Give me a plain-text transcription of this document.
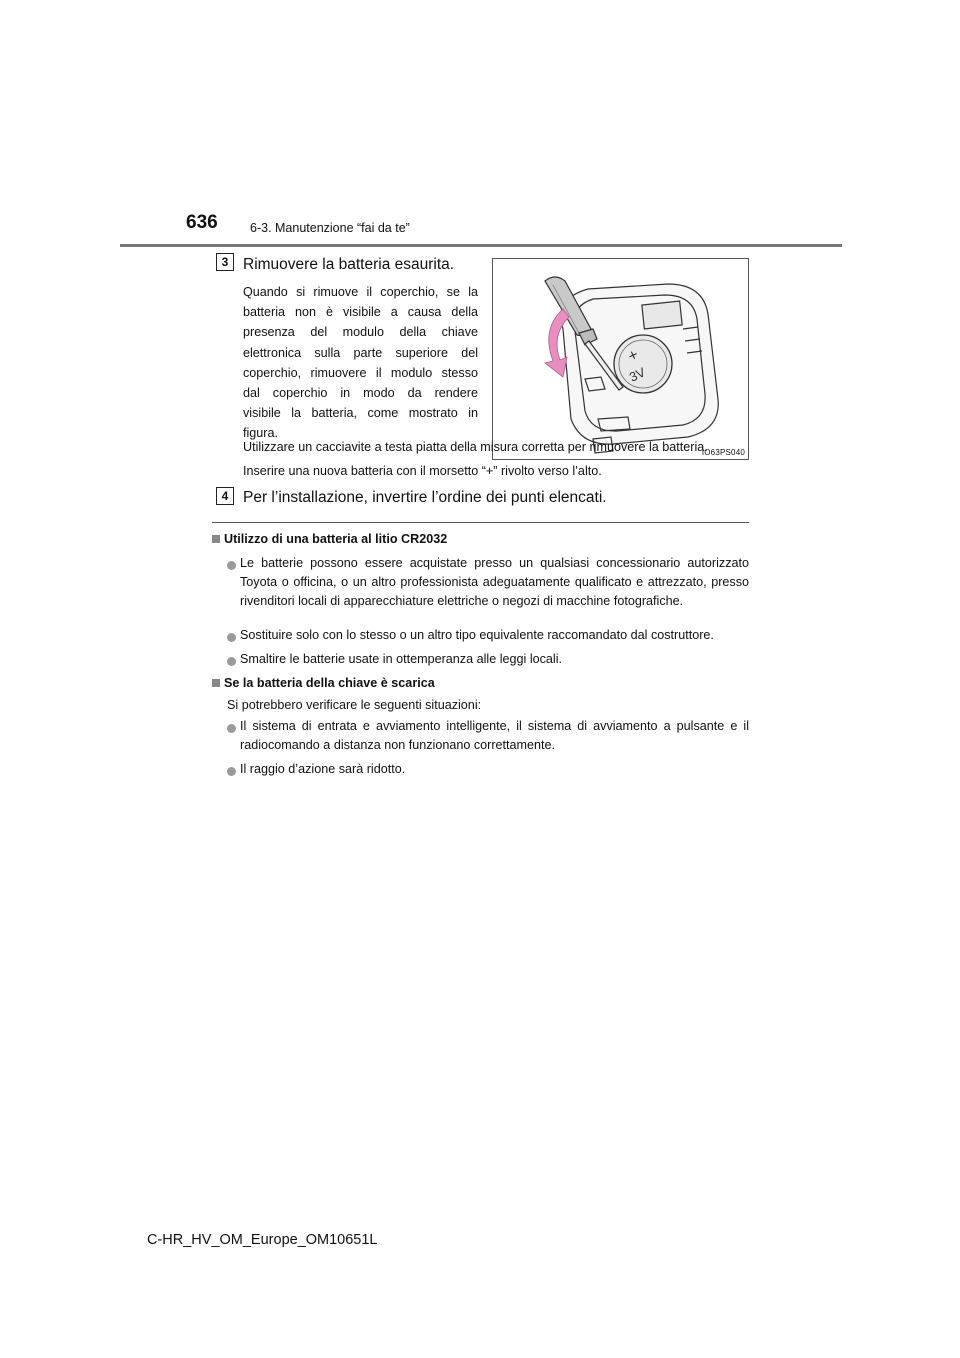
636	6-3. Manutenzione “fai da te”
3 Rimuovere la batteria esaurita.
Quando si rimuove il coperchio, se la
batteria non è visibile a causa della
presenza del modulo della chiave
elettronica sulla parte superiore del
coperchio, rimuovere il modulo stesso
dal coperchio in modo da rendere
visibile la batteria, come mostrato in
figura.
+
3V
IO63PS040
Utilizzare un cacciavite a testa piatta della misura corretta per rimuovere la batteria.
Inserire una nuova batteria con il morsetto “+” rivolto verso l’alto.
4 Per l’installazione, invertire l’ordine dei punti elencati.
Utilizzo di una batteria al litio CR2032
Le batterie possono essere acquistate presso un qualsiasi concessionario autorizzato Toyota o officina, o un altro professionista adeguatamente qualificato e attrezzato, presso rivenditori locali di apparecchiature elettriche o negozi di macchine fotografiche.
Sostituire solo con lo stesso o un altro tipo equivalente raccomandato dal costruttore.
Smaltire le batterie usate in ottemperanza alle leggi locali.
Se la batteria della chiave è scarica
Si potrebbero verificare le seguenti situazioni:
Il sistema di entrata e avviamento intelligente, il sistema di avviamento a pulsante e il radiocomando a distanza non funzionano correttamente.
Il raggio d’azione sarà ridotto.
C-HR_HV_OM_Europe_OM10651L
